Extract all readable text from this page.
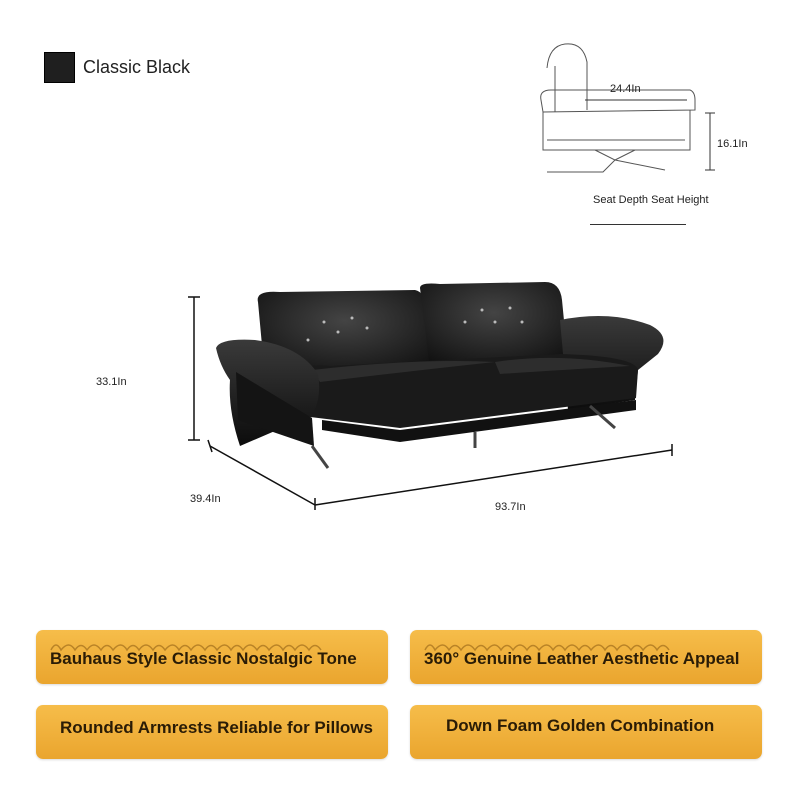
Classic Black
24.4In
16.1In
Seat Depth Seat Height
33.1In
39.4In
93.7In
Bauhaus Style Classic Nostalgic Tone	360° Genuine Leather Aesthetic Appeal
Rounded Armrests Reliable for Pillows	Down Foam Golden Combination
